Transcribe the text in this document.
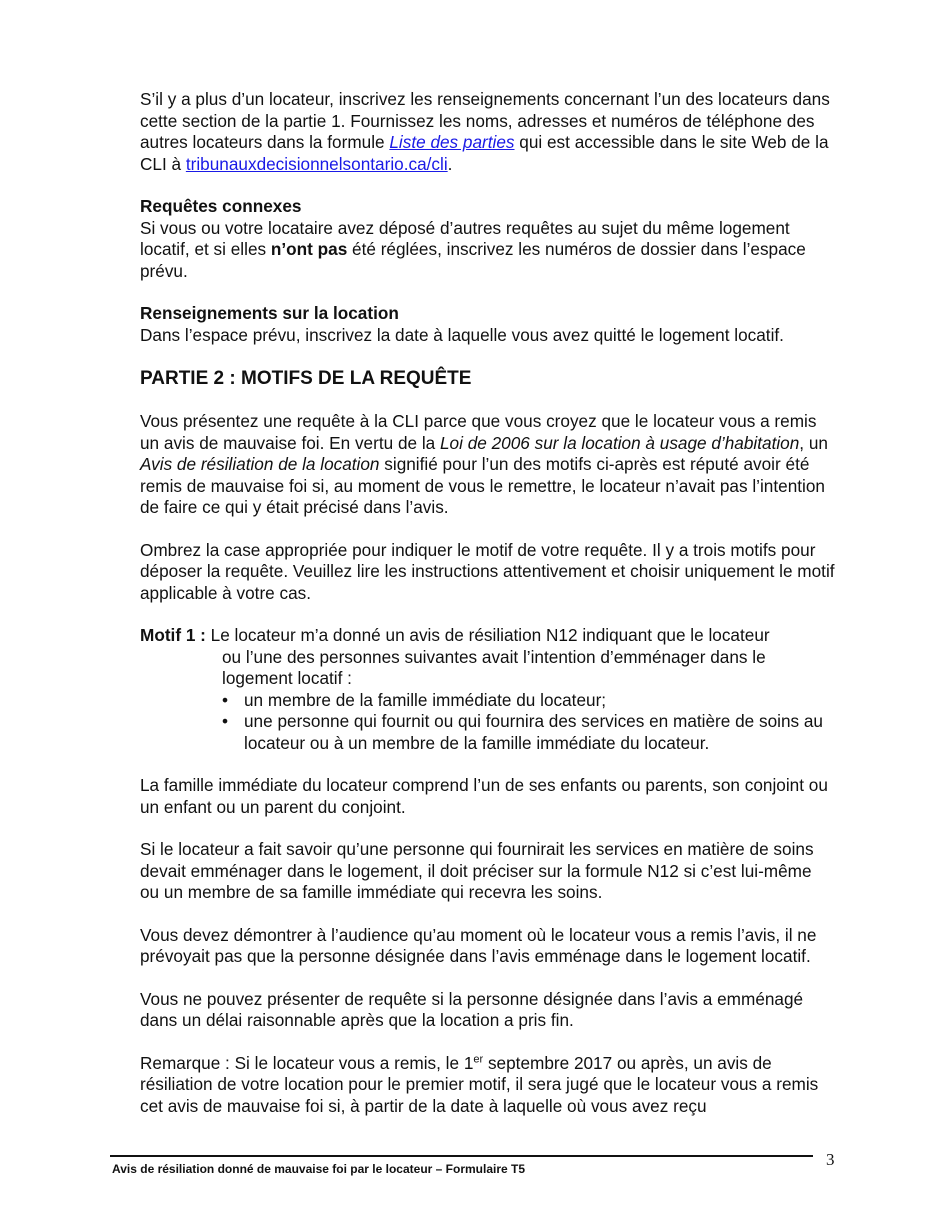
S’il y a plus d’un locateur, inscrivez les renseignements concernant l’un des locateurs dans cette section de la partie 1. Fournissez les noms, adresses et numéros de téléphone des autres locateurs dans la formule Liste des parties qui est accessible dans le site Web de la CLI à tribunauxdecisionnelsontario.ca/cli.

Requêtes connexes

Si vous ou votre locataire avez déposé d’autres requêtes au sujet du même logement locatif, et si elles n’ont pas été réglées, inscrivez les numéros de dossier dans l’espace prévu.

Renseignements sur la location

Dans l’espace prévu, inscrivez la date à laquelle vous avez quitté le logement locatif.

PARTIE 2 : MOTIFS DE LA REQUÊTE

Vous présentez une requête à la CLI parce que vous croyez que le locateur vous a remis un avis de mauvaise foi. En vertu de la Loi de 2006 sur la location à usage d’habitation, un Avis de résiliation de la location signifié pour l’un des motifs ci-après est réputé avoir été remis de mauvaise foi si, au moment de vous le remettre, le locateur n’avait pas l’intention de faire ce qui y était précisé dans l’avis.

Ombrez la case appropriée pour indiquer le motif de votre requête. Il y a trois motifs pour déposer la requête. Veuillez lire les instructions attentivement et choisir uniquement le motif applicable à votre cas.

Motif 1 : Le locateur m’a donné un avis de résiliation N12 indiquant que le locateur

ou l’une des personnes suivantes avait l’intention d’emménager dans le logement locatif :

• un membre de la famille immédiate du locateur;
• une personne qui fournit ou qui fournira des services en matière de soins au locateur ou à un membre de la famille immédiate du locateur.

La famille immédiate du locateur comprend l’un de ses enfants ou parents, son conjoint ou un enfant ou un parent du conjoint.

Si le locateur a fait savoir qu’une personne qui fournirait les services en matière de soins devait emménager dans le logement, il doit préciser sur la formule N12 si c’est lui-même ou un membre de sa famille immédiate qui recevra les soins.

Vous devez démontrer à l’audience qu’au moment où le locateur vous a remis l’avis, il ne prévoyait pas que la personne désignée dans l’avis emménage dans le logement locatif.

Vous ne pouvez présenter de requête si la personne désignée dans l’avis a emménagé dans un délai raisonnable après que la location a pris fin.

Remarque : Si le locateur vous a remis, le 1er septembre 2017 ou après, un avis de résiliation de votre location pour le premier motif, il sera jugé que le locateur vous a remis cet avis de mauvaise foi si, à partir de la date à laquelle où vous avez reçu

Avis de résiliation donné de mauvaise foi par le locateur – Formulaire T5	3
